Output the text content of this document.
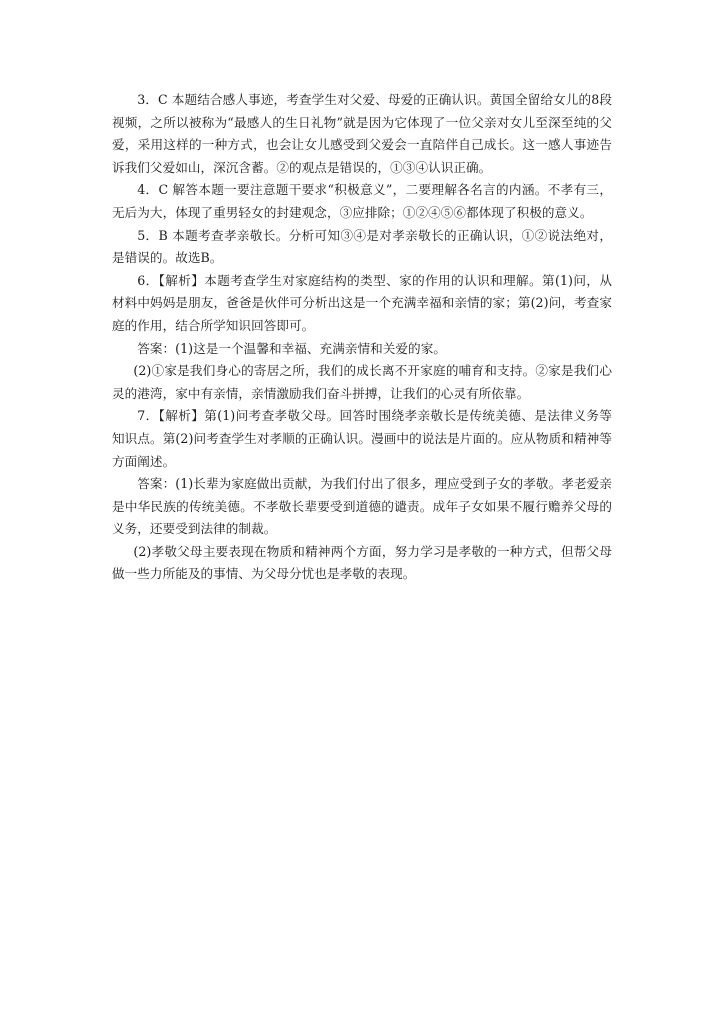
3．C 本题结合感人事迹，考查学生对父爱、母爱的正确认识。黄国全留给女儿的8段视频，之所以被称为“最感人的生日礼物”就是因为它体现了一位父亲对女儿至深至纯的父爱，采用这样的一种方式，也会让女儿感受到父爱会一直陪伴自己成长。这一感人事迹告诉我们父爱如山，深沉含蓄。②的观点是错误的，①③④认识正确。

4．C 解答本题一要注意题干要求“积极意义”，二要理解各名言的内涵。不孝有三，无后为大，体现了重男轻女的封建观念，③应排除；①②④⑤⑥都体现了积极的意义。

5．B 本题考查孝亲敬长。分析可知③④是对孝亲敬长的正确认识，①②说法绝对，是错误的。故选B。

6．【解析】本题考查学生对家庭结构的类型、家的作用的认识和理解。第(1)问，从材料中妈妈是朋友，爸爸是伙伴可分析出这是一个充满幸福和亲情的家；第(2)问，考查家庭的作用，结合所学知识回答即可。

答案：(1)这是一个温馨和幸福、充满亲情和关爱的家。

(2)①家是我们身心的寄居之所，我们的成长离不开家庭的哺育和支持。②家是我们心灵的港湾，家中有亲情，亲情激励我们奋斗拼搏，让我们的心灵有所依靠。

7．【解析】第(1)问考查孝敬父母。回答时围绕孝亲敬长是传统美德、是法律义务等知识点。第(2)问考查学生对孝顺的正确认识。漫画中的说法是片面的。应从物质和精神等方面阐述。

答案：(1)长辈为家庭做出贡献，为我们付出了很多，理应受到子女的孝敬。孝老爱亲是中华民族的传统美德。不孝敬长辈要受到道德的谴责。成年子女如果不履行赡养父母的义务，还要受到法律的制裁。

(2)孝敬父母主要表现在物质和精神两个方面，努力学习是孝敬的一种方式，但帮父母做一些力所能及的事情、为父母分忧也是孝敬的表现。
